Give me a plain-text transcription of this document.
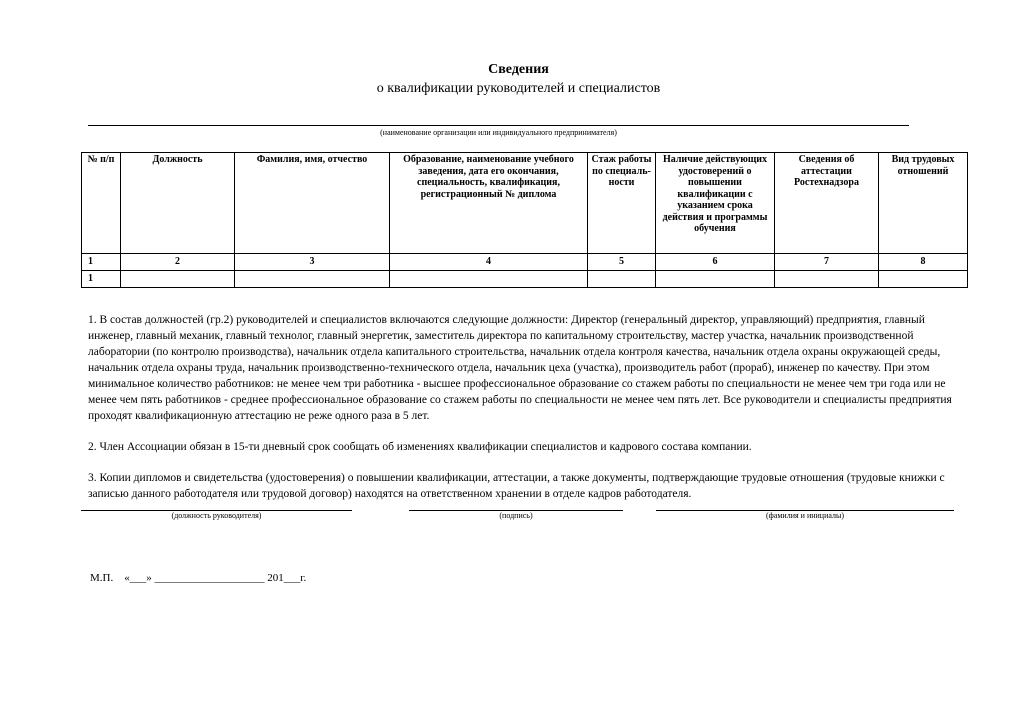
Сведения
о квалификации руководителей и специалистов
(наименование организации или индивидуального предпринимателя)
№ п/п	Должность	Фамилия, имя, отчество	Образование, наименование учебного заведения, дата его окончания, специальность, квалификация, регистрационный № диплома	Стаж работы по специаль-ности	Наличие действующих удостоверений о повышении квалификации с указанием срока действия и программы обучения	Сведения об аттестации Ростехнадзора	Вид трудовых отношений
1	2	3	4	5	6	7	8
1							

1. В состав должностей (гр.2) руководителей и специалистов включаются следующие должности: Директор (генеральный директор, управляющий) предприятия, главный инженер, главный механик, главный технолог, главный энергетик, заместитель директора по капитальному строительству, мастер участка, начальник производственной лаборатории (по контролю производства), начальник отдела капитального строительства, начальник отдела контроля качества, начальник отдела охраны окружающей среды, начальник отдела охраны труда, начальник производственно-технического отдела, начальник цеха (участка), производитель работ (прораб), инженер по качеству. При этом минимальное количество работников: не менее чем три работника - высшее профессиональное образование со стажем работы по специальности не менее чем три года или не менее чем пять работников - среднее профессиональное образование со стажем работы по специальности не менее чем пять лет. Все руководители и специалисты предприятия проходят квалификационную аттестацию не реже одного раза в 5 лет.

2. Член Ассоциации обязан в 15-ти дневный срок сообщать об изменениях квалификации специалистов и кадрового состава компании.

3. Копии дипломов и свидетельства (удостоверения) о повышении квалификации, аттестации, а также документы, подтверждающие трудовые отношения (трудовые книжки с записью данного работодателя или трудовой договор) находятся на ответственном хранении в отделе кадров работодателя.

(должность руководителя)	(подпись)	(фамилия и инициалы)
М.П.    «___» ____________________ 201___г.
